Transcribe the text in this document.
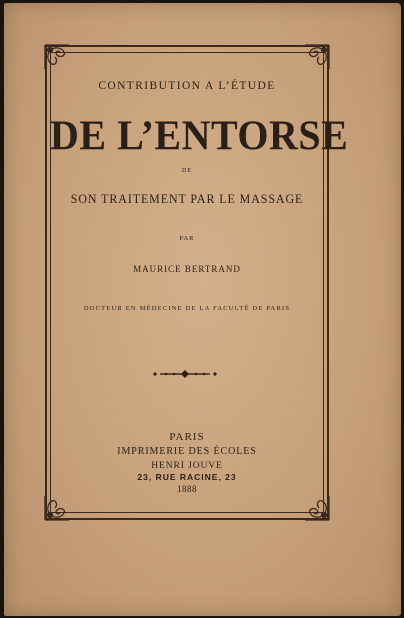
CONTRIBUTION A L’ÉTUDE
DE L’ENTORSE
DE
SON TRAITEMENT PAR LE MASSAGE
PAR
MAURICE BERTRAND
DOCTEUR EN MÉDECINE DE LA FACULTÉ DE PARIS
PARIS
IMPRIMERIE DES ÉCOLES
HENRI JOUVE
23, RUE RACINE, 23
1888
